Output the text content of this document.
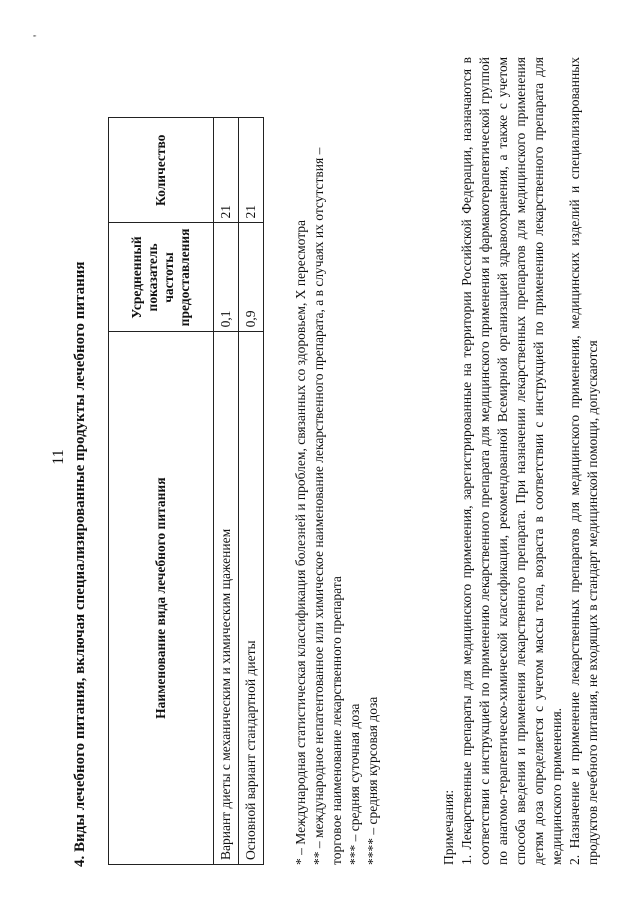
'
11 4. Виды лечебного питания, включая специализированные продукты лечебного питания	Наименование вида лечебного питания	Усредненный показатель частоты предоставления	Количество
Вариант диеты с механическим и химическим щажением	0,1	21
Основной вариант стандартной диеты	0,9	21

* – Международная статистическая классификация болезней и проблем, связанных со здоровьем, X пересмотра ** – международное непатентованное или химическое наименование лекарственного препарата, а в случаях их отсутствия – торговое наименование лекарственного препарата *** – средняя суточная доза **** – средняя курсовая доза	Примечания: 1. Лекарственные препараты для медицинского применения, зарегистрированные на территории Российской Федерации, назначаются в соответствии с инструкцией по применению лекарственного препарата для медицинского применения и фармакотерапевтической группой по анатомо-терапевтическо-химической классификации, рекомендованной Всемирной организацией здравоохранения, а также с учетом способа введения и применения лекарственного препарата. При назначении лекарственных препаратов для медицинского применения детям доза определяется с учетом массы тела, возраста в соответствии с инструкцией по применению лекарственного препарата для медицинского применения. 2. Назначение и применение лекарственных препаратов для медицинского применения, медицинских изделий и специализированных продуктов лечебного питания, не входящих в стандарт медицинской помощи, допускаются
